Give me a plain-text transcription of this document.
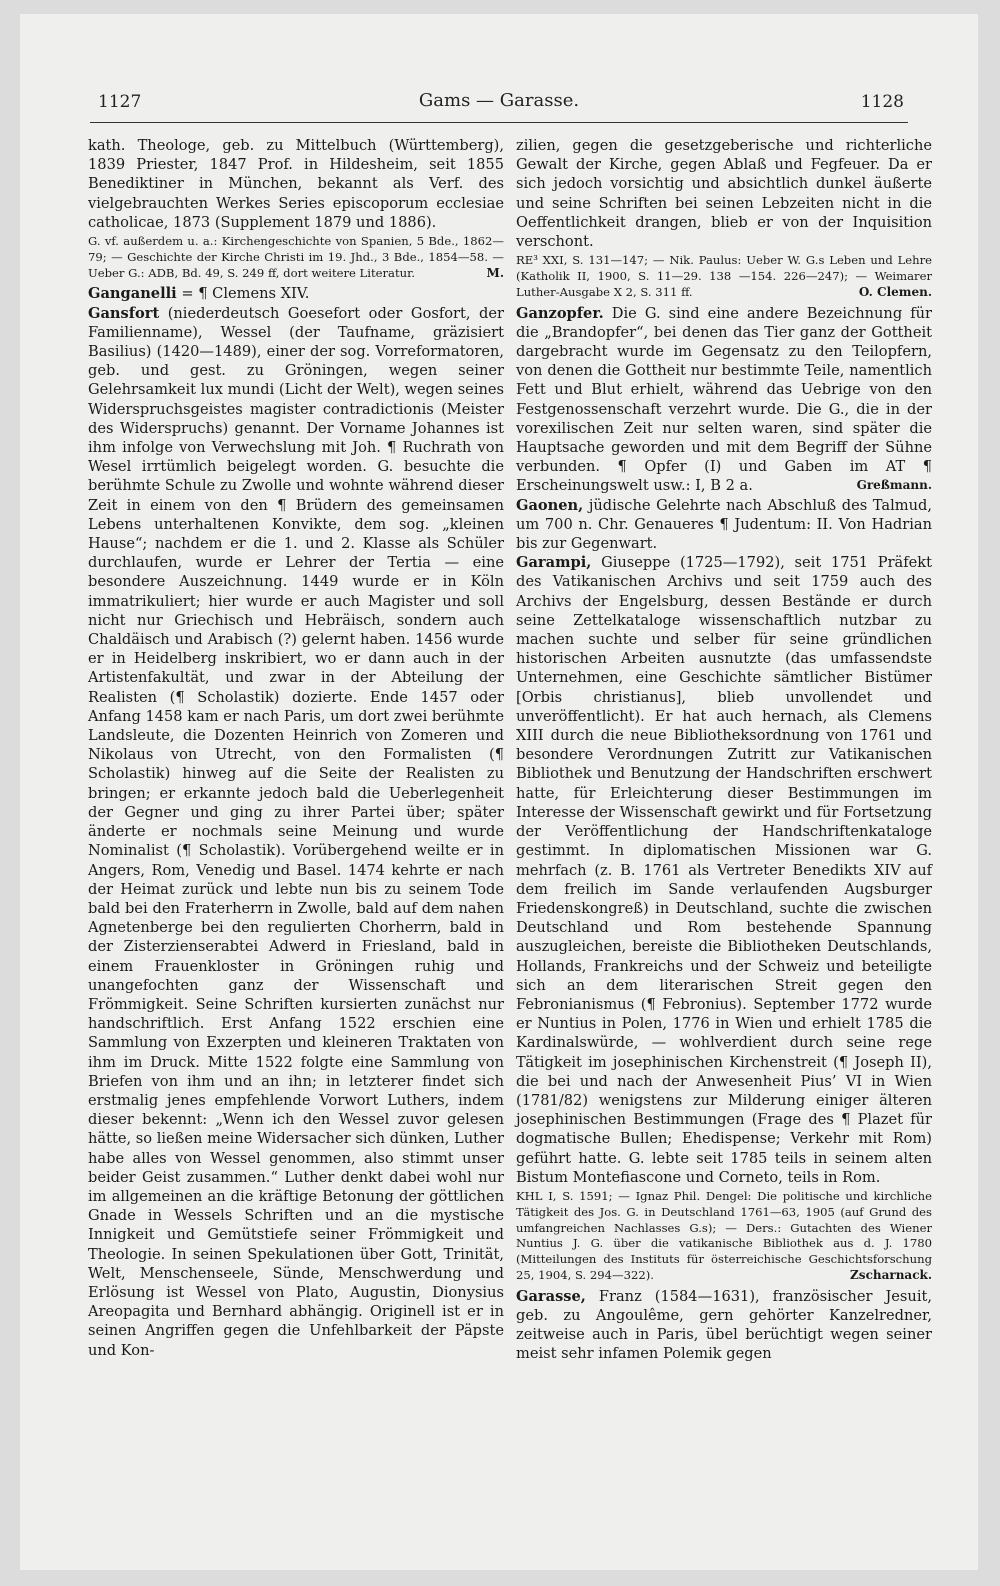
1127	Gams — Garasse.	1128

kath. Theologe, geb. zu Mittelbuch (Württemberg), 1839 Priester, 1847 Prof. in Hildesheim, seit 1855 Benediktiner in München, bekannt als Verf. des vielgebrauchten Werkes Series episcoporum ecclesiae catholicae, 1873 (Supplement 1879 und 1886).

G. vf. außerdem u. a.: Kirchengeschichte von Spanien, 5 Bde., 1862—79; — Geschichte der Kirche Christi im 19. Jhd., 3 Bde., 1854—58. — Ueber G.: ADB, Bd. 49, S. 249 ff, dort weitere Literatur.	M.

Ganganelli = ¶ Clemens XIV.

Gansfort (niederdeutsch Goesefort oder Gosfort, der Familienname), Wessel (der Taufname, gräzisiert Basilius) (1420—1489), einer der sog. Vorreformatoren, geb. und gest. zu Gröningen, wegen seiner Gelehrsamkeit lux mundi (Licht der Welt), wegen seines Widerspruchsgeistes magister contradictionis (Meister des Widerspruchs) genannt. Der Vorname Johannes ist ihm infolge von Verwechslung mit Joh. ¶ Ruchrath von Wesel irrtümlich beigelegt worden. G. besuchte die berühmte Schule zu Zwolle und wohnte während dieser Zeit in einem von den ¶ Brüdern des gemeinsamen Lebens unterhaltenen Konvikte, dem sog. „kleinen Hause“; nachdem er die 1. und 2. Klasse als Schüler durchlaufen, wurde er Lehrer der Tertia — eine besondere Auszeichnung. 1449 wurde er in Köln immatrikuliert; hier wurde er auch Magister und soll nicht nur Griechisch und Hebräisch, sondern auch Chaldäisch und Arabisch (?) gelernt haben. 1456 wurde er in Heidelberg inskribiert, wo er dann auch in der Artistenfakultät, und zwar in der Abteilung der Realisten (¶ Scholastik) dozierte. Ende 1457 oder Anfang 1458 kam er nach Paris, um dort zwei berühmte Landsleute, die Dozenten Heinrich von Zomeren und Nikolaus von Utrecht, von den Formalisten (¶ Scholastik) hinweg auf die Seite der Realisten zu bringen; er erkannte jedoch bald die Ueberlegenheit der Gegner und ging zu ihrer Partei über; später änderte er nochmals seine Meinung und wurde Nominalist (¶ Scholastik). Vorübergehend weilte er in Angers, Rom, Venedig und Basel. 1474 kehrte er nach der Heimat zurück und lebte nun bis zu seinem Tode bald bei den Fraterherrn in Zwolle, bald auf dem nahen Agnetenberge bei den regulierten Chorherrn, bald in der Zisterzienserabtei Adwerd in Friesland, bald in einem Frauenkloster in Gröningen ruhig und unangefochten ganz der Wissenschaft und Frömmigkeit. Seine Schriften kursierten zunächst nur handschriftlich. Erst Anfang 1522 erschien eine Sammlung von Exzerpten und kleineren Traktaten von ihm im Druck. Mitte 1522 folgte eine Sammlung von Briefen von ihm und an ihn; in letzterer findet sich erstmalig jenes empfehlende Vorwort Luthers, indem dieser bekennt: „Wenn ich den Wessel zuvor gelesen hätte, so ließen meine Widersacher sich dünken, Luther habe alles von Wessel genommen, also stimmt unser beider Geist zusammen.“ Luther denkt dabei wohl nur im allgemeinen an die kräftige Betonung der göttlichen Gnade in Wessels Schriften und an die mystische Innigkeit und Gemütstiefe seiner Frömmigkeit und Theologie. In seinen Spekulationen über Gott, Trinität, Welt, Menschenseele, Sünde, Menschwerdung und Erlösung ist Wessel von Plato, Augustin, Dionysius Areopagita und Bernhard abhängig. Originell ist er in seinen Angriffen gegen die Unfehlbarkeit der Päpste und Kon-

zilien, gegen die gesetzgeberische und richterliche Gewalt der Kirche, gegen Ablaß und Fegfeuer. Da er sich jedoch vorsichtig und absichtlich dunkel äußerte und seine Schriften bei seinen Lebzeiten nicht in die Oeffentlichkeit drangen, blieb er von der Inquisition verschont.

RE³ XXI, S. 131—147; — Nik. Paulus: Ueber W. G.s Leben und Lehre (Katholik II, 1900, S. 11—29. 138 —154. 226—247); — Weimarer Luther-Ausgabe X 2, S. 311 ff.	O. Clemen.

Ganzopfer. Die G. sind eine andere Bezeichnung für die „Brandopfer“, bei denen das Tier ganz der Gottheit dargebracht wurde im Gegensatz zu den Teilopfern, von denen die Gottheit nur bestimmte Teile, namentlich Fett und Blut erhielt, während das Uebrige von den Festgenossenschaft verzehrt wurde. Die G., die in der vorexilischen Zeit nur selten waren, sind später die Hauptsache geworden und mit dem Begriff der Sühne verbunden. ¶ Opfer (I) und Gaben im AT ¶ Erscheinungswelt usw.: I, B 2 a.	Greßmann.

Gaonen, jüdische Gelehrte nach Abschluß des Talmud, um 700 n. Chr. Genaueres ¶ Judentum: II. Von Hadrian bis zur Gegenwart.

Garampi, Giuseppe (1725—1792), seit 1751 Präfekt des Vatikanischen Archivs und seit 1759 auch des Archivs der Engelsburg, dessen Bestände er durch seine Zettelkataloge wissenschaftlich nutzbar zu machen suchte und selber für seine gründlichen historischen Arbeiten ausnutzte (das umfassendste Unternehmen, eine Geschichte sämtlicher Bistümer [Orbis christianus], blieb unvollendet und unveröffentlicht). Er hat auch hernach, als Clemens XIII durch die neue Bibliotheksordnung von 1761 und besondere Verordnungen Zutritt zur Vatikanischen Bibliothek und Benutzung der Handschriften erschwert hatte, für Erleichterung dieser Bestimmungen im Interesse der Wissenschaft gewirkt und für Fortsetzung der Veröffentlichung der Handschriftenkataloge gestimmt. In diplomatischen Missionen war G. mehrfach (z. B. 1761 als Vertreter Benedikts XIV auf dem freilich im Sande verlaufenden Augsburger Friedenskongreß) in Deutschland, suchte die zwischen Deutschland und Rom bestehende Spannung auszugleichen, bereiste die Bibliotheken Deutschlands, Hollands, Frankreichs und der Schweiz und beteiligte sich an dem literarischen Streit gegen den Febronianismus (¶ Febronius). September 1772 wurde er Nuntius in Polen, 1776 in Wien und erhielt 1785 die Kardinalswürde, — wohlverdient durch seine rege Tätigkeit im josephinischen Kirchenstreit (¶ Joseph II), die bei und nach der Anwesenheit Pius’ VI in Wien (1781/82) wenigstens zur Milderung einiger älteren josephinischen Bestimmungen (Frage des ¶ Plazet für dogmatische Bullen; Ehedispense; Verkehr mit Rom) geführt hatte. G. lebte seit 1785 teils in seinem alten Bistum Montefiascone und Corneto, teils in Rom.

KHL I, S. 1591; — Ignaz Phil. Dengel: Die politische und kirchliche Tätigkeit des Jos. G. in Deutschland 1761—63, 1905 (auf Grund des umfangreichen Nachlasses G.s); — Ders.: Gutachten des Wiener Nuntius J. G. über die vatikanische Bibliothek aus d. J. 1780 (Mitteilungen des Instituts für österreichische Geschichtsforschung 25, 1904, S. 294—322).	Zscharnack.

Garasse, Franz (1584—1631), französischer Jesuit, geb. zu Angoulême, gern gehörter Kanzelredner, zeitweise auch in Paris, übel berüchtigt wegen seiner meist sehr infamen Polemik gegen
